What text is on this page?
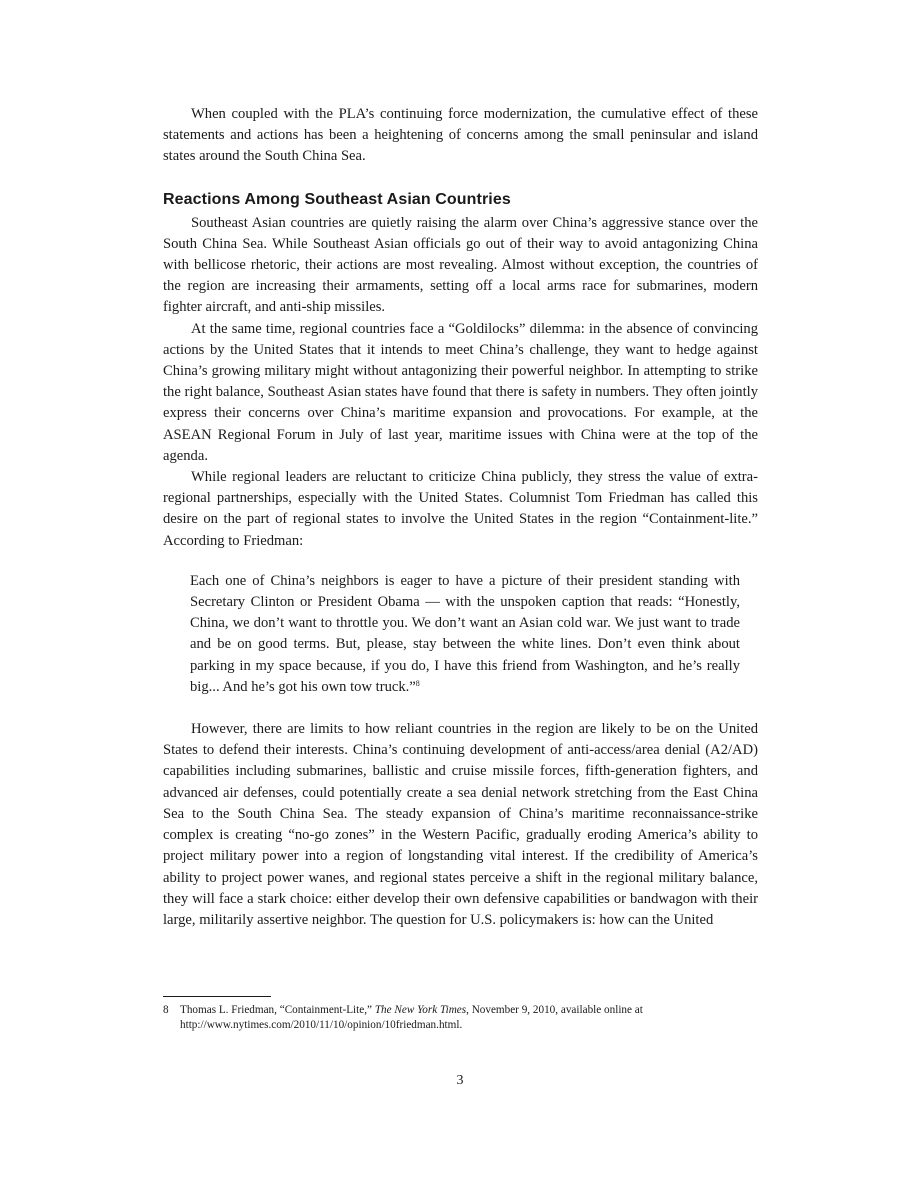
When coupled with the PLA’s continuing force modernization, the cumulative effect of these statements and actions has been a heightening of concerns among the small peninsular and island states around the South China Sea.

Reactions Among Southeast Asian Countries

Southeast Asian countries are quietly raising the alarm over China’s aggressive stance over the South China Sea. While Southeast Asian officials go out of their way to avoid antagonizing China with bellicose rhetoric, their actions are most revealing. Almost without exception, the countries of the region are increasing their armaments, setting off a local arms race for submarines, modern fighter aircraft, and anti-ship missiles.

At the same time, regional countries face a “Goldilocks” dilemma: in the absence of convincing actions by the United States that it intends to meet China’s challenge, they want to hedge against China’s growing military might without antagonizing their powerful neighbor. In attempting to strike the right balance, Southeast Asian states have found that there is safety in numbers. They often jointly express their concerns over China’s maritime expansion and provocations. For example, at the ASEAN Regional Forum in July of last year, maritime issues with China were at the top of the agenda.

While regional leaders are reluctant to criticize China publicly, they stress the value of extra-regional partnerships, especially with the United States. Columnist Tom Friedman has called this desire on the part of regional states to involve the United States in the region “Containment-lite.” According to Friedman:

Each one of China’s neighbors is eager to have a picture of their president standing with Secretary Clinton or President Obama — with the unspoken caption that reads: “Honestly, China, we don’t want to throttle you. We don’t want an Asian cold war. We just want to trade and be on good terms. But, please, stay between the white lines. Don’t even think about parking in my space because, if you do, I have this friend from Washington, and he’s really big... And he’s got his own tow truck.”$^8$

However, there are limits to how reliant countries in the region are likely to be on the United States to defend their interests. China’s continuing development of anti-access/area denial (A2/AD) capabilities including submarines, ballistic and cruise missile forces, fifth-generation fighters, and advanced air defenses, could potentially create a sea denial network stretching from the East China Sea to the South China Sea. The steady expansion of China’s maritime reconnaissance-strike complex is creating “no-go zones” in the Western Pacific, gradually eroding America’s ability to project military power into a region of longstanding vital interest. If the credibility of America’s ability to project power wanes, and regional states perceive a shift in the regional military balance, they will face a stark choice: either develop their own defensive capabilities or bandwagon with their large, militarily assertive neighbor. The question for U.S. policymakers is: how can the United

8 Thomas L. Friedman, “Containment-Lite,” The New York Times, November 9, 2010, available online at
http://www.nytimes.com/2010/11/10/opinion/10friedman.html.
3
